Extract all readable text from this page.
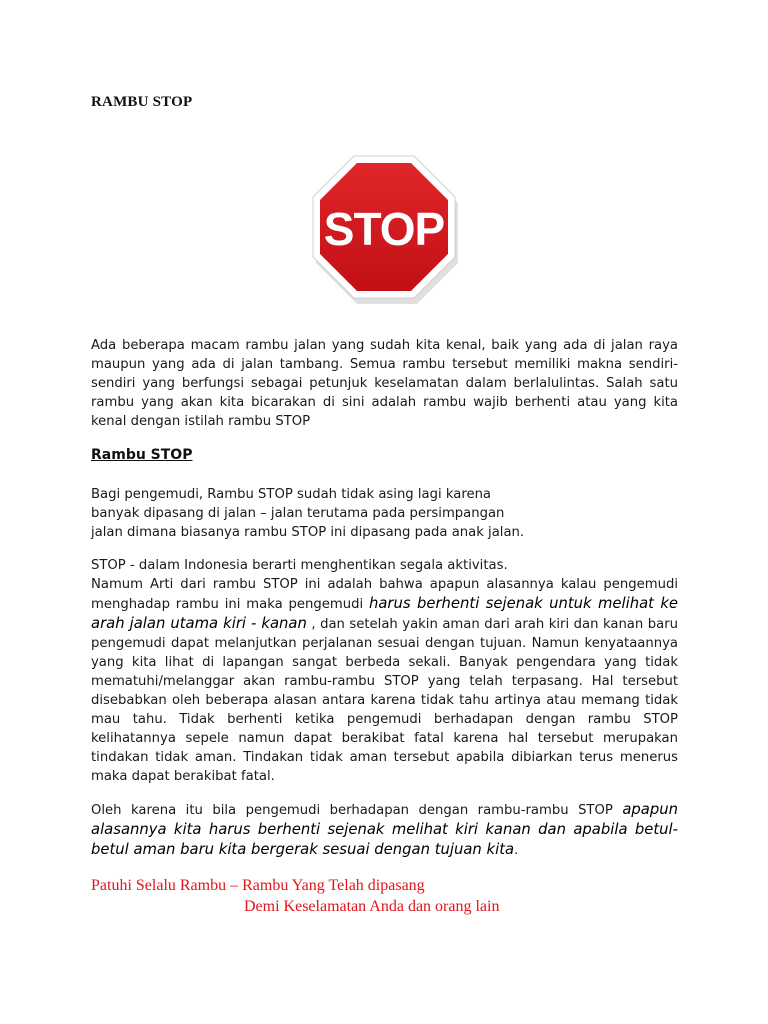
RAMBU STOP
STOP
Ada beberapa macam rambu jalan yang sudah kita kenal, baik yang ada di jalan raya maupun yang ada di jalan tambang. Semua rambu tersebut memiliki makna sendiri-sendiri yang berfungsi sebagai petunjuk keselamatan dalam berlalulintas. Salah satu rambu yang akan kita bicarakan di sini adalah rambu wajib berhenti atau yang kita kenal dengan istilah rambu STOP
Rambu STOP
Bagi pengemudi, Rambu STOP sudah tidak asing lagi karena
banyak dipasang di jalan – jalan terutama pada persimpangan
jalan dimana biasanya rambu STOP ini dipasang pada anak jalan.
STOP - dalam Indonesia berarti menghentikan segala aktivitas.
Namum Arti dari rambu STOP ini adalah bahwa apapun alasannya kalau pengemudi menghadap rambu ini maka pengemudi harus berhenti sejenak untuk melihat ke arah jalan utama kiri - kanan , dan setelah yakin aman dari arah kiri dan kanan baru pengemudi dapat melanjutkan perjalanan sesuai dengan tujuan. Namun kenyataannya yang kita lihat di lapangan sangat berbeda sekali. Banyak pengendara yang tidak mematuhi/melanggar akan rambu-rambu STOP yang telah terpasang. Hal tersebut disebabkan oleh beberapa alasan antara karena tidak tahu artinya atau memang tidak mau tahu. Tidak berhenti ketika pengemudi berhadapan dengan rambu STOP kelihatannya sepele namun dapat berakibat fatal karena hal tersebut merupakan tindakan tidak aman. Tindakan tidak aman tersebut apabila dibiarkan terus menerus maka dapat berakibat fatal.
Oleh karena itu bila pengemudi berhadapan dengan rambu-rambu STOP apapun alasannya kita harus berhenti sejenak melihat kiri kanan dan apabila betul-betul aman baru kita bergerak sesuai dengan tujuan kita.
Patuhi Selalu Rambu – Rambu Yang Telah dipasang
Demi Keselamatan Anda dan orang lain
